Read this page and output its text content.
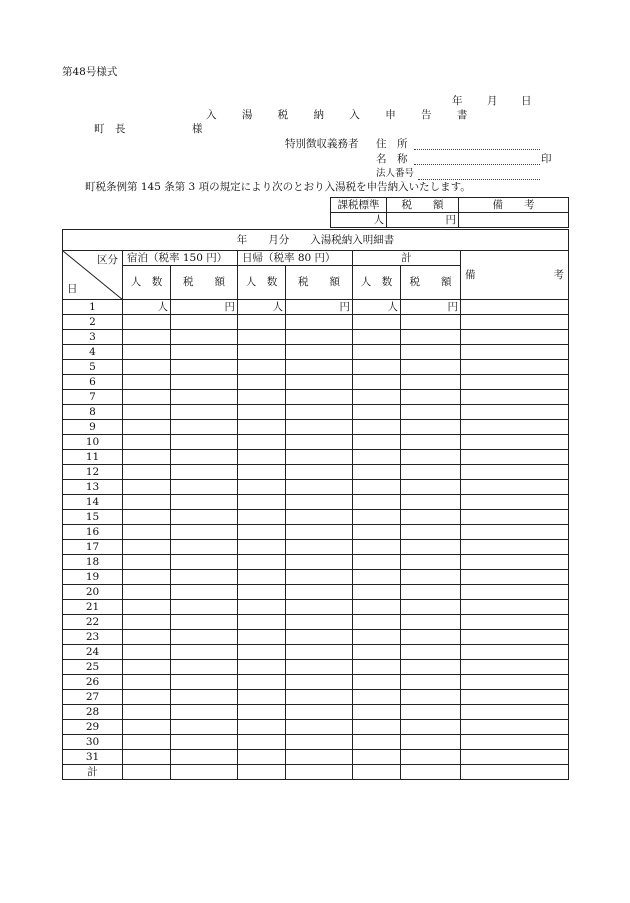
第48号様式
年 月 日
入 湯 税 納 入 申 告 書
町　長	様
特別徴収義務者 住　所
名　称	印
法人番号
町税条例第 145 条第 3 項の規定により次のとおり入湯税を申告納入いたします。
課税標準	税　　額	備　　考
人	円	
年　　月分　　入湯税納入明細書							

区分
日	宿泊（税率 150 円）		日帰（税率 80 円）		計		備 考

	人　数	税　　額	人　数	税　　額	人　数	税　　額	
1	人	円	人	円	人	円	
2							
3							
4							
5							
6							
7							
8							
9							
10							
11							
12							
13							
14							
15							
16							
17							
18							
19							
20							
21							
22							
23							
24							
25							
26							
27							
28							
29							
30							
31							
計							
